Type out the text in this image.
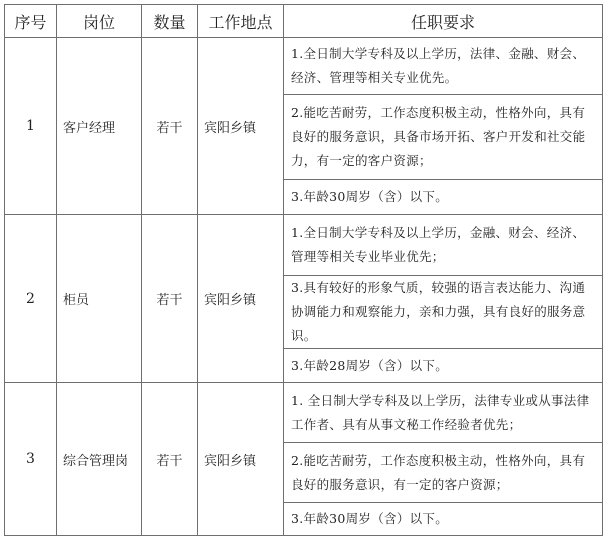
序号	岗位	数量	工作地点	任职要求
1	客户经理	若干	宾阳乡镇	1.全日制大学专科及以上学历，法律、金融、财会、经济、管理等相关专业优先。
				2.能吃苦耐劳，工作态度积极主动，性格外向，具有良好的服务意识，具备市场开拓、客户开发和社交能力，有一定的客户资源；
				3.年龄30周岁（含）以下。
2	柜员	若干	宾阳乡镇	1.全日制大学专科及以上学历，金融、财会、经济、管理等相关专业毕业优先；
				3.具有较好的形象气质，较强的语言表达能力、沟通协调能力和观察能力，亲和力强，具有良好的服务意识。
				3.年龄28周岁（含）以下。
3	综合管理岗	若干	宾阳乡镇	1. 全日制大学专科及以上学历，法律专业或从事法律工作者、具有从事文秘工作经验者优先；
				2.能吃苦耐劳，工作态度积极主动，性格外向，具有良好的服务意识，有一定的客户资源；
				3.年龄30周岁（含）以下。
